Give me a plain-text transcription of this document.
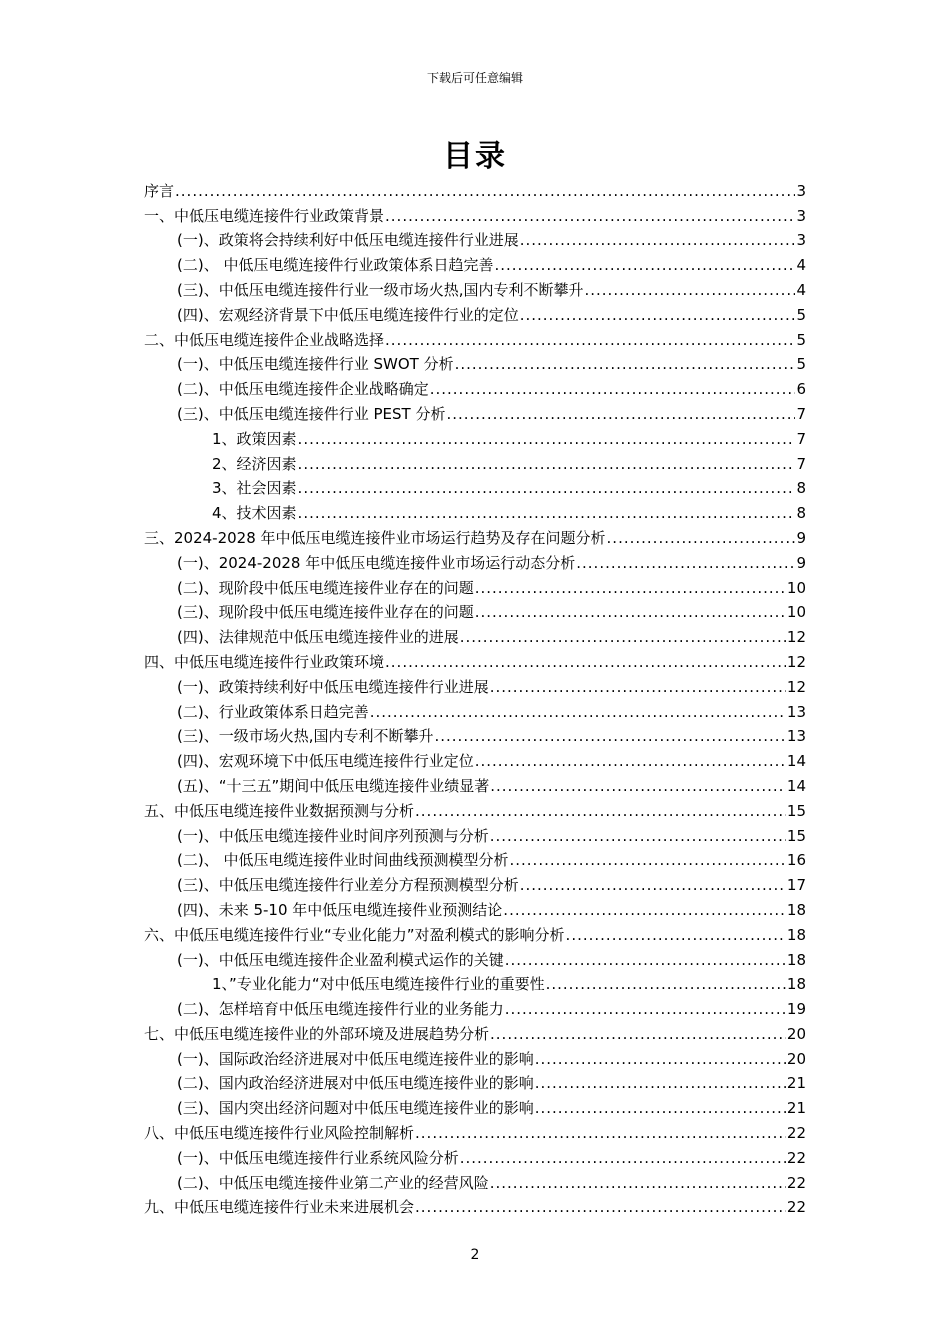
下载后可任意编辑
目录
序言 .....	3
一、中低压电缆连接件行业政策背景 .....	3
(一)、政策将会持续利好中低压电缆连接件行业进展 .....	3
(二)、 中低压电缆连接件行业政策体系日趋完善 .....	4
(三)、中低压电缆连接件行业一级市场火热,国内专利不断攀升 .....	4
(四)、宏观经济背景下中低压电缆连接件行业的定位 .....	5
二、中低压电缆连接件企业战略选择 .....	5
(一)、中低压电缆连接件行业 SWOT 分析 .....	5
(二)、中低压电缆连接件企业战略确定 .....	6
(三)、中低压电缆连接件行业 PEST 分析 .....	7
1、政策因素 .....	7
2、经济因素 .....	7
3、社会因素 .....	8
4、技术因素 .....	8
三、2024-2028 年中低压电缆连接件业市场运行趋势及存在问题分析 .....	9
(一)、2024-2028 年中低压电缆连接件业市场运行动态分析 .....	9
(二)、现阶段中低压电缆连接件业存在的问题 .....	10
(三)、现阶段中低压电缆连接件业存在的问题 .....	10
(四)、法律规范中低压电缆连接件业的进展 .....	12
四、中低压电缆连接件行业政策环境 .....	12
(一)、政策持续利好中低压电缆连接件行业进展 .....	12
(二)、行业政策体系日趋完善 .....	13
(三)、一级市场火热,国内专利不断攀升 .....	13
(四)、宏观环境下中低压电缆连接件行业定位 .....	14
(五)、“十三五”期间中低压电缆连接件业绩显著 .....	14
五、中低压电缆连接件业数据预测与分析 .....	15
(一)、中低压电缆连接件业时间序列预测与分析 .....	15
(二)、 中低压电缆连接件业时间曲线预测模型分析 .....	16
(三)、中低压电缆连接件行业差分方程预测模型分析 .....	17
(四)、未来 5-10 年中低压电缆连接件业预测结论 .....	18
六、中低压电缆连接件行业“专业化能力”对盈利模式的影响分析 .....	18
(一)、中低压电缆连接件企业盈利模式运作的关键 .....	18
1、”专业化能力“对中低压电缆连接件行业的重要性 .....	18
(二)、怎样培育中低压电缆连接件行业的业务能力 .....	19
七、中低压电缆连接件业的外部环境及进展趋势分析 .....	20
(一)、国际政治经济进展对中低压电缆连接件业的影响 .....	20
(二)、国内政治经济进展对中低压电缆连接件业的影响 .....	21
(三)、国内突出经济问题对中低压电缆连接件业的影响 .....	21
八、中低压电缆连接件行业风险控制解析 .....	22
(一)、中低压电缆连接件行业系统风险分析 .....	22
(二)、中低压电缆连接件业第二产业的经营风险 .....	22
九、中低压电缆连接件行业未来进展机会 .....	22
2
